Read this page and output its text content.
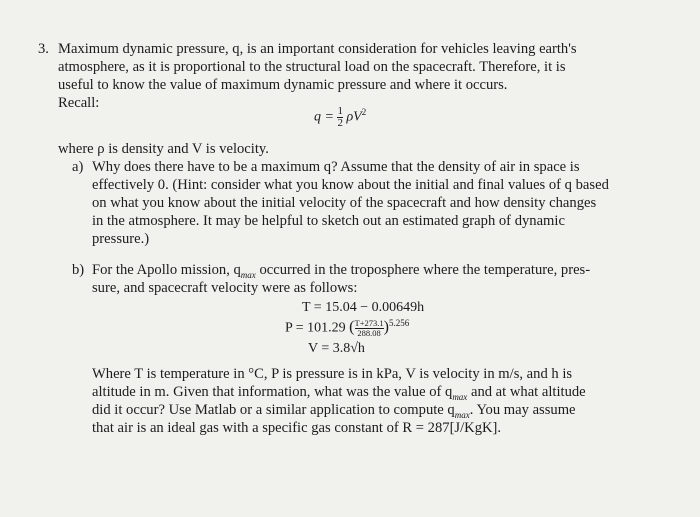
3. Maximum dynamic pressure, q, is an important consideration for vehicles leaving earth's
atmosphere, as it is proportional to the structural load on the spacecraft. Therefore, it is
useful to know the value of maximum dynamic pressure and where it occurs.
Recall:
$q = \frac{1}{2} \rho V^2$
where ρ is density and V is velocity.
a) Why does there have to be a maximum q? Assume that the density of air in space is
effectively 0. (Hint: consider what you know about the initial and final values of q based
on what you know about the initial velocity of the spacecraft and how density changes
in the atmosphere. It may be helpful to sketch out an estimated graph of dynamic
pressure.)
b) For the Apollo mission, $q_{max}$ occurred in the troposphere where the temperature, pres-
sure, and spacecraft velocity were as follows:
T = 15.04 − 0.00649h
P = 101.29 ( $\frac{T+273.1}{288.08} )^{5.256}$
V = 3.8√h
Where T is temperature in °C, P is pressure is in kPa, V is velocity in m/s, and h is
altitude in m. Given that information, what was the value of $q_{max}$ and at what altitude
did it occur? Use Matlab or a similar application to compute $q_{max}$. You may assume
that air is an ideal gas with a specific gas constant of R = 287[J/KgK].
